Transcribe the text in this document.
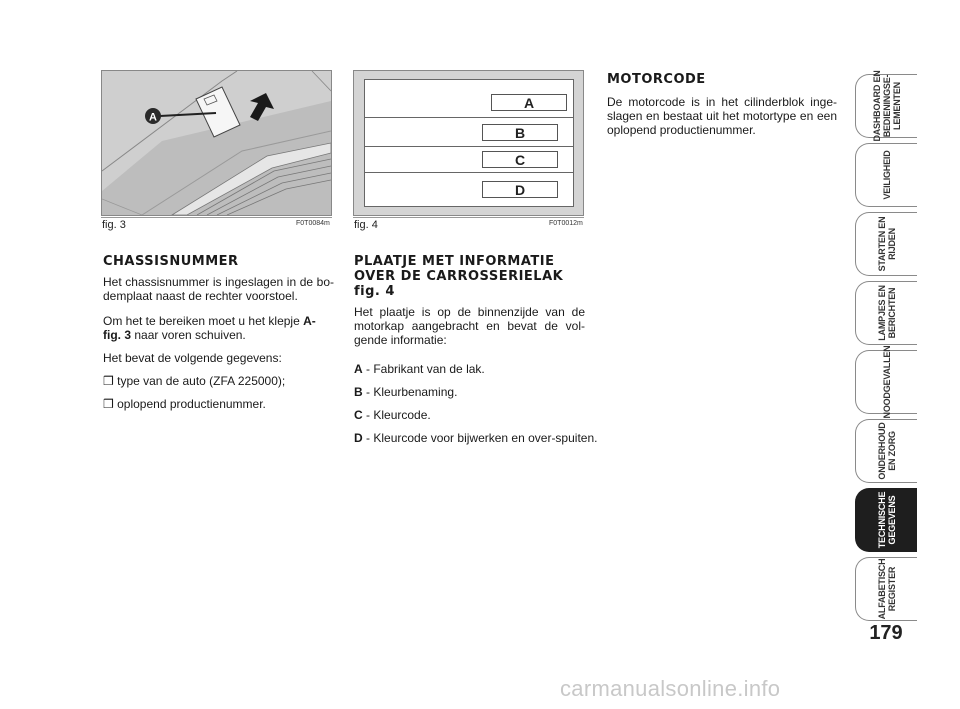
A
fig. 3	F0T0084m
A
B
C
D
fig. 4	F0T0012m
CHASSISNUMMER
Het chassisnummer is ingeslagen in de bo-demplaat naast de rechter voorstoel.
Om het te bereiken moet u het klepje A-
fig. 3 naar voren schuiven.
Het bevat de volgende gegevens:
❒
type van de auto (ZFA 225000);
❒
oplopend productienummer.
PLAATJE MET INFORMATIE
OVER DE CARROSSERIELAK
fig. 4
Het plaatje is op de binnenzijde van de motorkap aangebracht en bevat de vol-gende informatie:
A - Fabrikant van de lak.
B - Kleurbenaming.
C - Kleurcode.
D - Kleurcode voor bijwerken en over-spuiten.
MOTORCODE
De motorcode is in het cilinderblok inge-slagen en bestaat uit het motortype en een oplopend productienummer.	DASHBOARD EN
BEDIENINGSE-
LEMENTEN
VEILIGHEID
STARTEN EN
RIJDEN
LAMPJES EN
BERICHTEN
NOODGEVALLEN
ONDERHOUD
EN ZORG
TECHNISCHE
GEGEVENS
ALFABETISCH
REGISTER
179
carmanualsonline.info
